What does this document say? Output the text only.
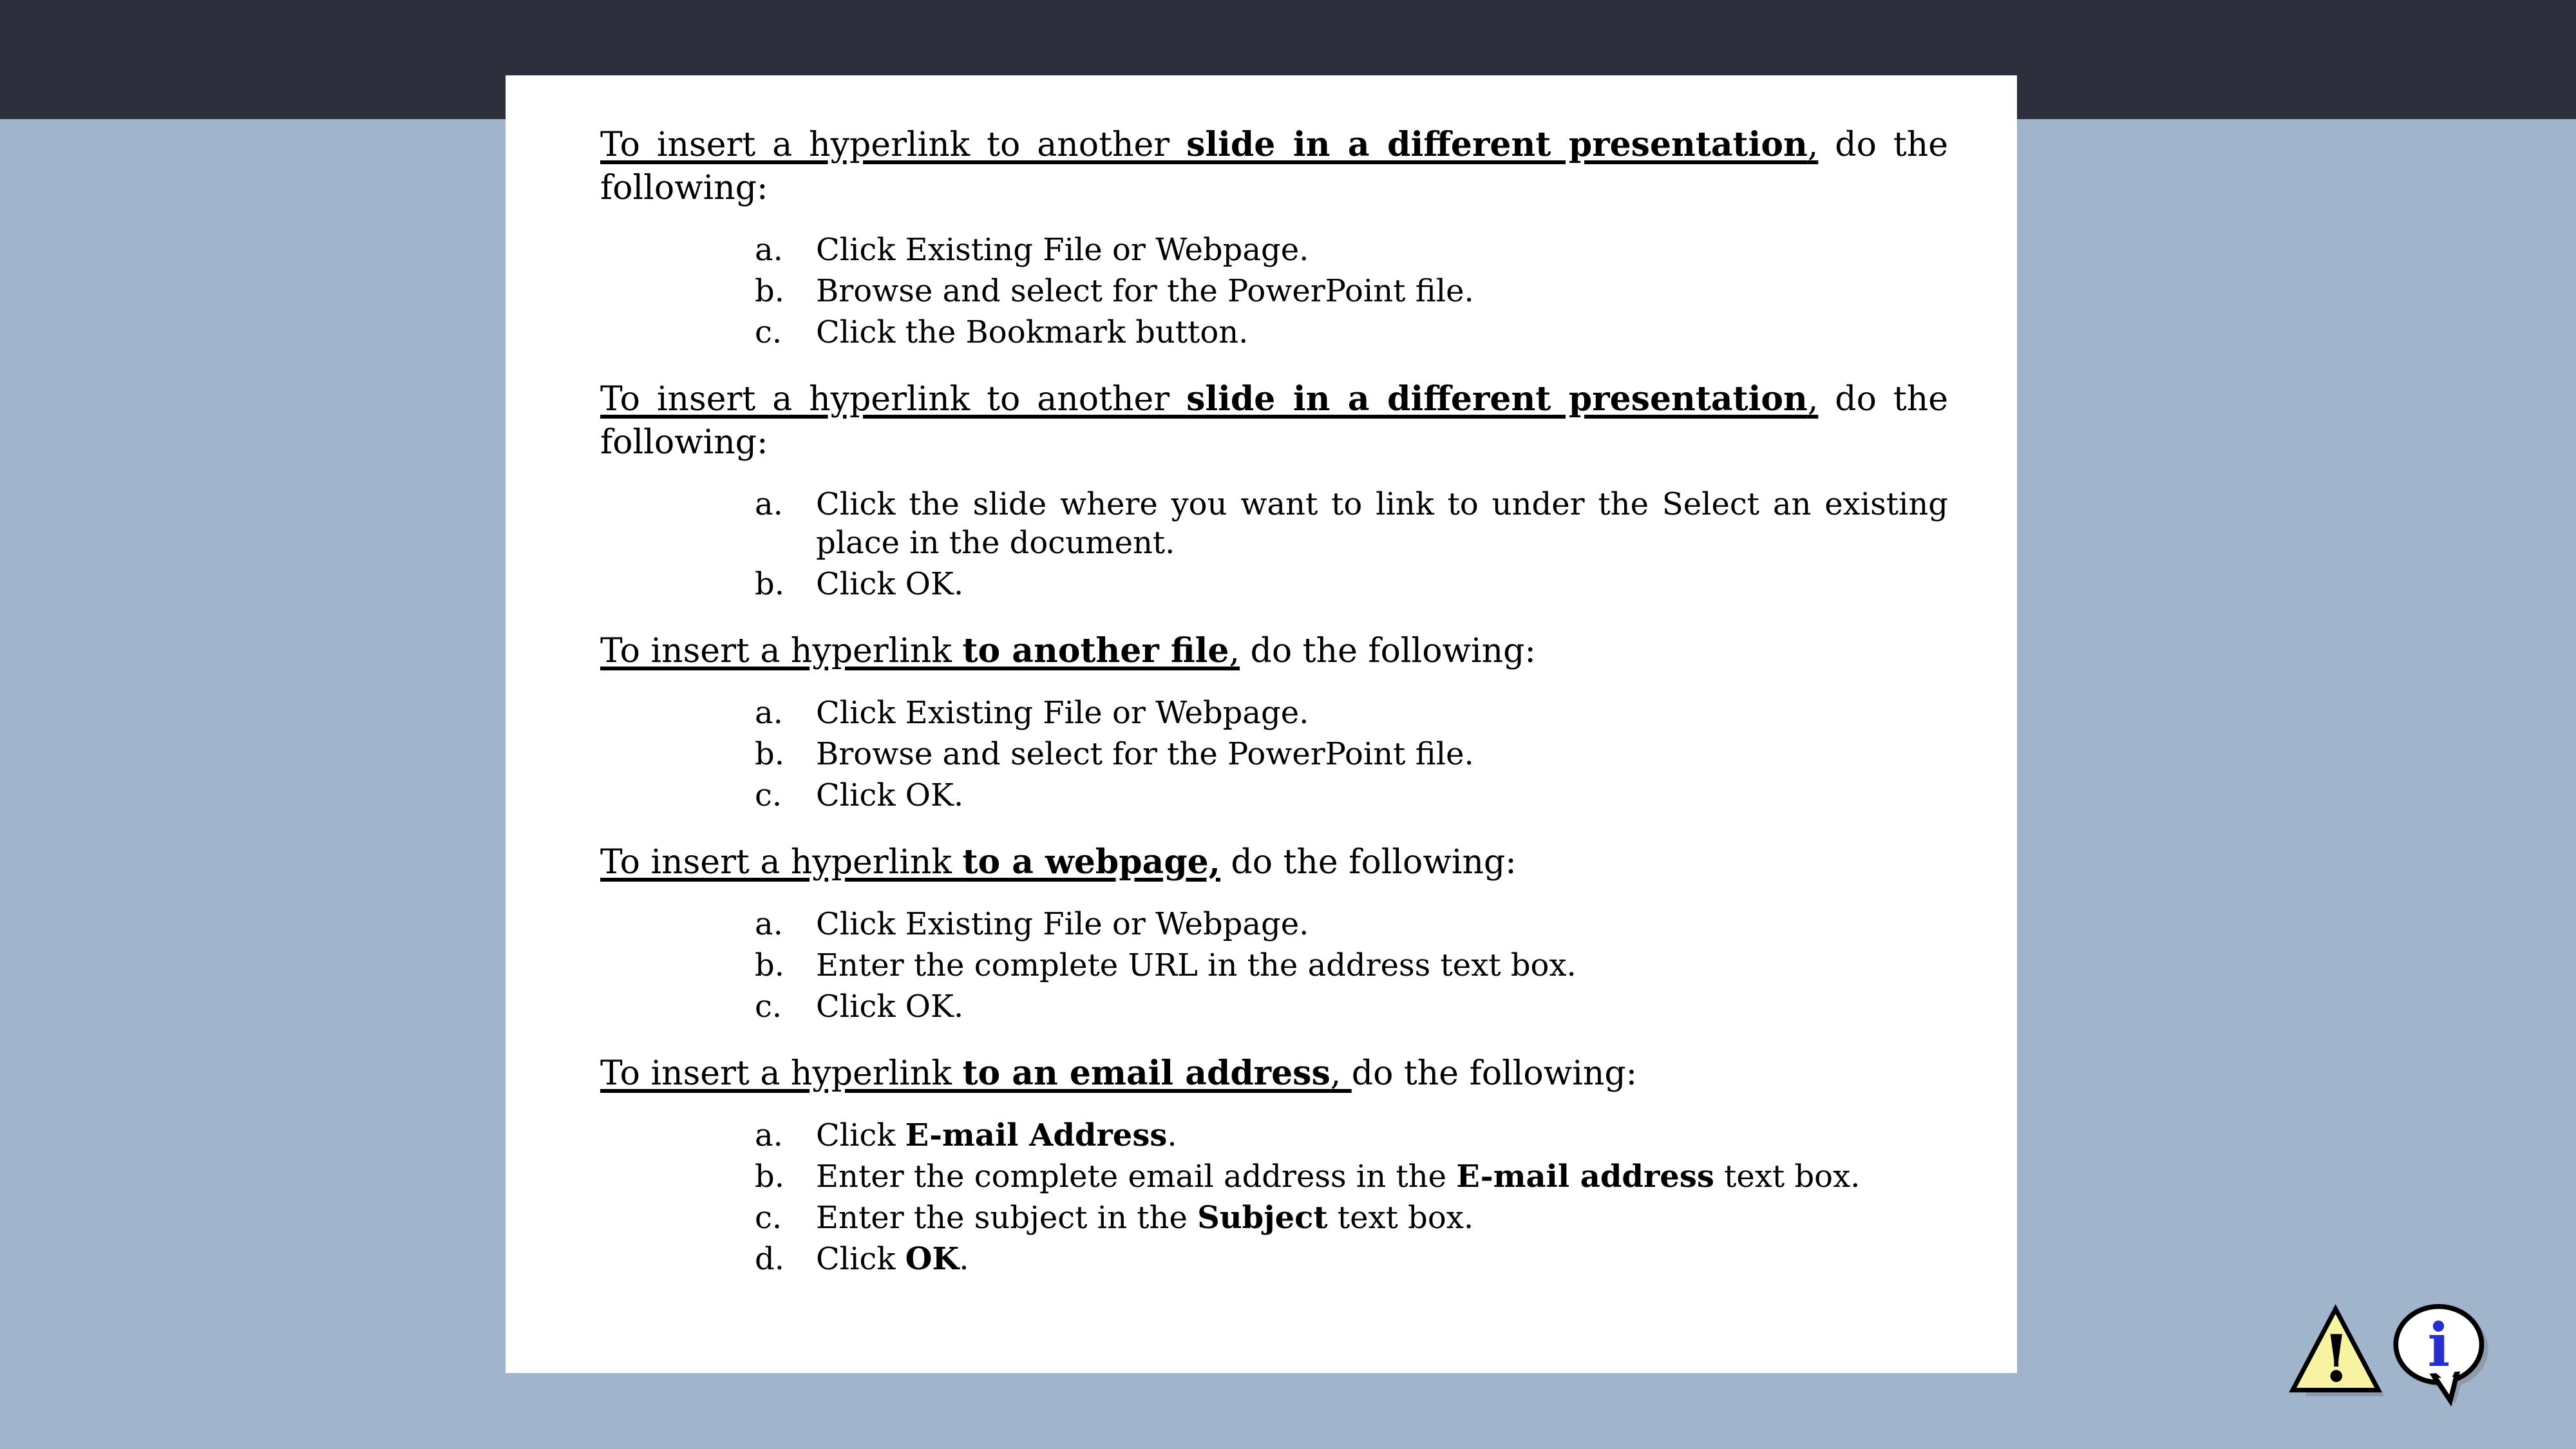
To insert a hyperlink to another slide in a different presentation, do the following:

a. Click Existing File or Webpage.
b. Browse and select for the PowerPoint file.
c. Click the Bookmark button.

To insert a hyperlink to another slide in a different presentation, do the following:

a. Click the slide where you want to link to under the Select an existing place in the document.
b. Click OK.

To insert a hyperlink to another file, do the following:

a. Click Existing File or Webpage.
b. Browse and select for the PowerPoint file.
c. Click OK.

To insert a hyperlink to a webpage, do the following:

a. Click Existing File or Webpage.
b. Enter the complete URL in the address text box.
c. Click OK.

To insert a hyperlink to an email address, do the following:

a. Click E-mail Address.
b. Enter the complete email address in the E-mail address text box.
c. Enter the subject in the Subject text box.
d. Click OK.
!	i
